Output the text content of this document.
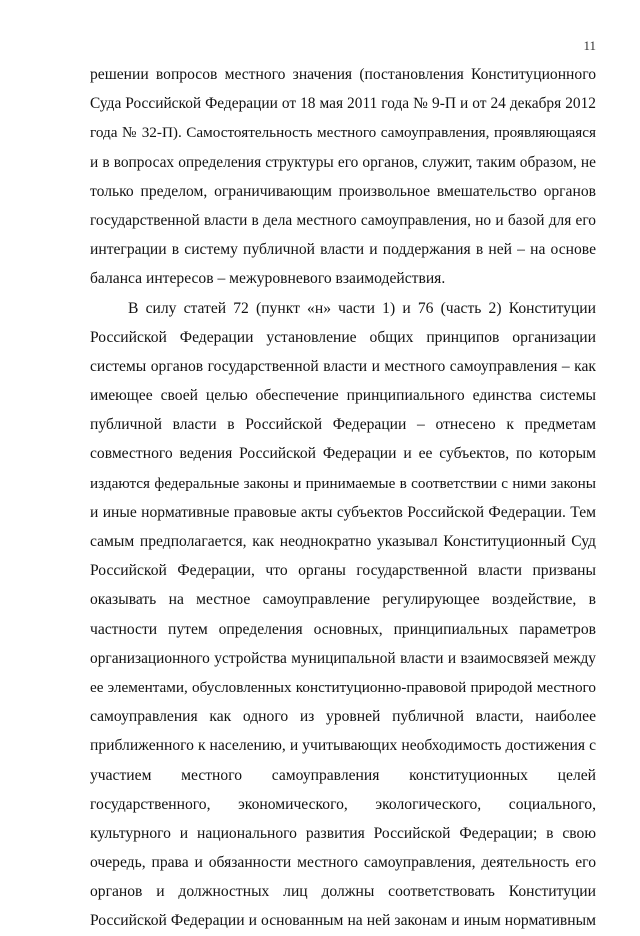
11
решении вопросов местного значения (постановления Конституционного
Суда Российской Федерации от 18 мая 2011 года № 9-П и от 24 декабря 2012
года № 32-П). Самостоятельность местного самоуправления, проявляющаяся
и в вопросах определения структуры его органов, служит, таким образом, не
только пределом, ограничивающим произвольное вмешательство органов
государственной власти в дела местного самоуправления, но и базой для его
интеграции в систему публичной власти и поддержания в ней – на основе
баланса интересов – межуровневого взаимодействия.
В силу статей 72 (пункт «н» части 1) и 76 (часть 2) Конституции
Российской Федерации установление общих принципов организации
системы органов государственной власти и местного самоуправления – как
имеющее своей целью обеспечение принципиального единства системы
публичной власти в Российской Федерации – отнесено к предметам
совместного ведения Российской Федерации и ее субъектов, по которым
издаются федеральные законы и принимаемые в соответствии с ними законы
и иные нормативные правовые акты субъектов Российской Федерации. Тем
самым предполагается, как неоднократно указывал Конституционный Суд
Российской Федерации, что органы государственной власти призваны
оказывать на местное самоуправление регулирующее воздействие, в
частности путем определения основных, принципиальных параметров
организационного устройства муниципальной власти и взаимосвязей между
ее элементами, обусловленных конституционно-правовой природой местного
самоуправления как одного из уровней публичной власти, наиболее
приближенного к населению, и учитывающих необходимость достижения с
участием местного самоуправления конституционных целей
государственного, экономического, экологического, социального,
культурного и национального развития Российской Федерации; в свою
очередь, права и обязанности местного самоуправления, деятельность его
органов и должностных лиц должны соответствовать Конституции
Российской Федерации и основанным на ней законам и иным нормативным
